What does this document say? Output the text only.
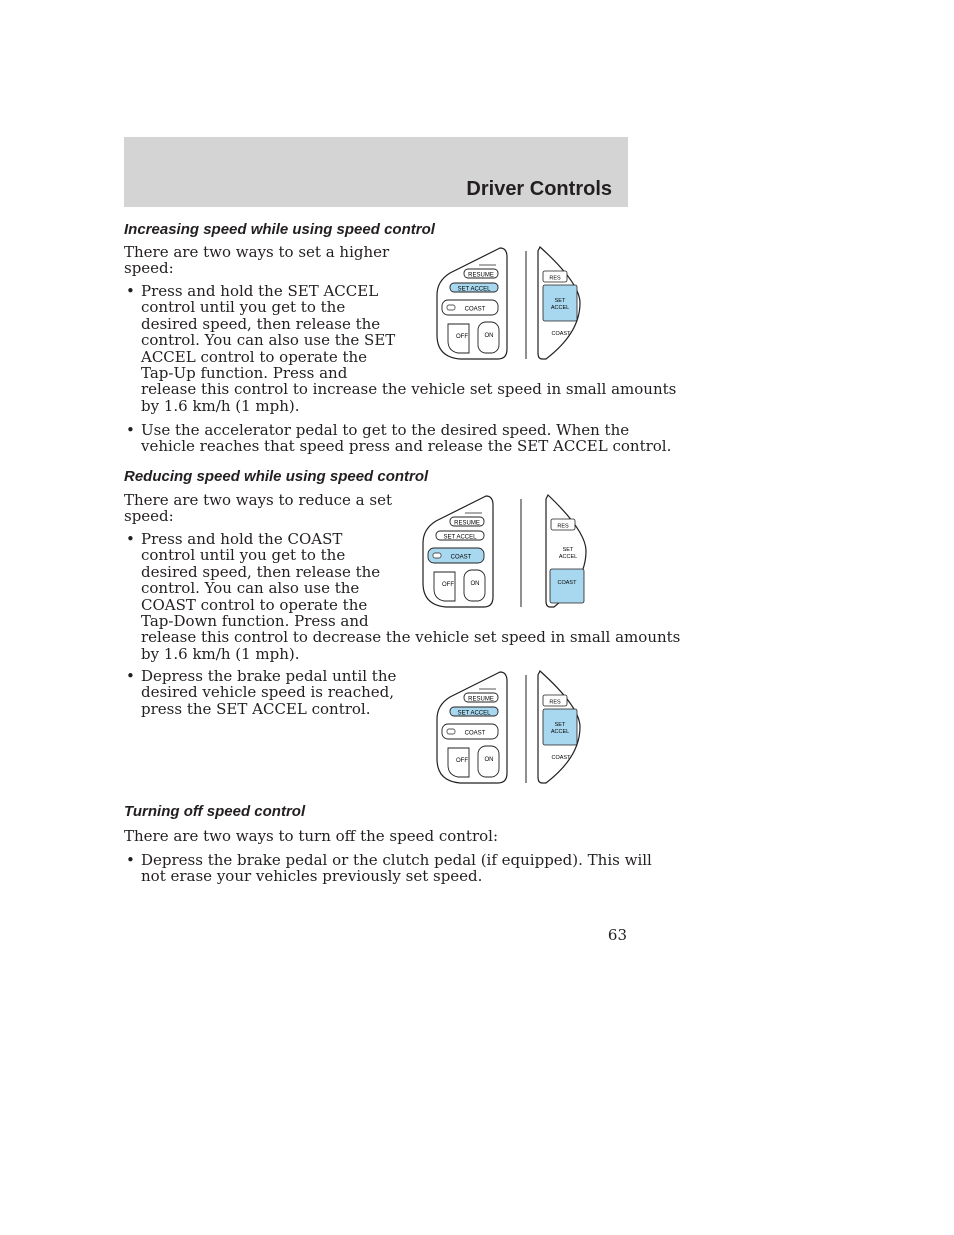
Driver Controls
Increasing speed while using speed control
There are two ways to set a higher
speed:
• Press and hold the SET ACCEL
control until you get to the
desired speed, then release the
control. You can also use the SET
ACCEL control to operate the
Tap-Up function. Press and
release this control to increase the vehicle set speed in small amounts
by 1.6 km/h (1 mph).
• Use the accelerator pedal to get to the desired speed. When the
vehicle reaches that speed press and release the SET ACCEL control.
Reducing speed while using speed control
There are two ways to reduce a set
speed:
• Press and hold the COAST
control until you get to the
desired speed, then release the
control. You can also use the
COAST control to operate the
Tap-Down function. Press and
release this control to decrease the vehicle set speed in small amounts
by 1.6 km/h (1 mph).
• Depress the brake pedal until the
desired vehicle speed is reached,
press the SET ACCEL control.
Turning off speed control
There are two ways to turn off the speed control:
• Depress the brake pedal or the clutch pedal (if equipped). This will
not erase your vehicles previously set speed.
RESUME
SET ACCEL
COAST
OFF	ON
RES
SET
ACCEL
COAST
RESUME
SET ACCEL
COAST
OFF	ON
RES
SET
ACCEL
COAST
RESUME
SET ACCEL
COAST
OFF	ON
RES
SET
ACCEL
COAST
63
